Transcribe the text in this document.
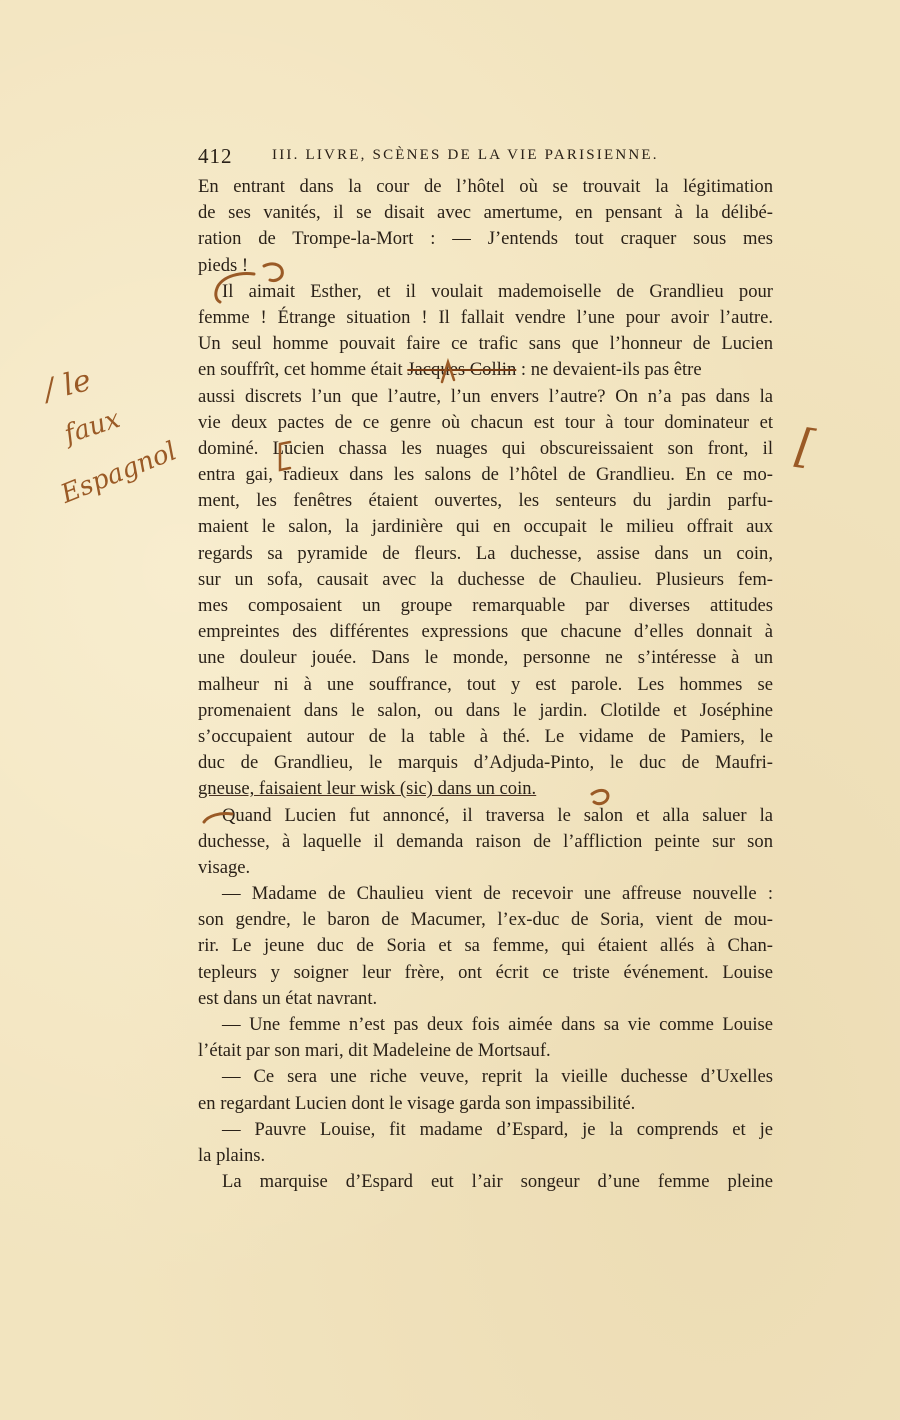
412	III. LIVRE, SCÈNES DE LA VIE PARISIENNE.
En entrant dans la cour de l’hôtel où se trouvait la légitimation
de ses vanités, il se disait avec amertume, en pensant à la délibé-
ration de Trompe-la-Mort : — J’entends tout craquer sous mes
pieds !
Il aimait Esther, et il voulait mademoiselle de Grandlieu pour
femme ! Étrange situation ! Il fallait vendre l’une pour avoir l’autre.
Un seul homme pouvait faire ce trafic sans que l’honneur de Lucien
en souffrît, cet homme était Jacques Collin : ne devaient-ils pas être
aussi discrets l’un que l’autre, l’un envers l’autre? On n’a pas dans la
vie deux pactes de ce genre où chacun est tour à tour dominateur et
dominé. Lucien chassa les nuages qui obscureissaient son front, il
entra gai, radieux dans les salons de l’hôtel de Grandlieu. En ce mo-
ment, les fenêtres étaient ouvertes, les senteurs du jardin parfu-
maient le salon, la jardinière qui en occupait le milieu offrait aux
regards sa pyramide de fleurs. La duchesse, assise dans un coin,
sur un sofa, causait avec la duchesse de Chaulieu. Plusieurs fem-
mes composaient un groupe remarquable par diverses attitudes
empreintes des différentes expressions que chacune d’elles donnait à
une douleur jouée. Dans le monde, personne ne s’intéresse à un
malheur ni à une souffrance, tout y est parole. Les hommes se
promenaient dans le salon, ou dans le jardin. Clotilde et Joséphine
s’occupaient autour de la table à thé. Le vidame de Pamiers, le
duc de Grandlieu, le marquis d’Adjuda-Pinto, le duc de Maufri-
gneuse, faisaient leur wisk (sic) dans un coin.
Quand Lucien fut annoncé, il traversa le salon et alla saluer la
duchesse, à laquelle il demanda raison de l’affliction peinte sur son
visage.
— Madame de Chaulieu vient de recevoir une affreuse nouvelle :
son gendre, le baron de Macumer, l’ex-duc de Soria, vient de mou-
rir. Le jeune duc de Soria et sa femme, qui étaient allés à Chan-
tepleurs y soigner leur frère, ont écrit ce triste événement. Louise
est dans un état navrant.
— Une femme n’est pas deux fois aimée dans sa vie comme Louise
l’était par son mari, dit Madeleine de Mortsauf.
— Ce sera une riche veuve, reprit la vieille duchesse d’Uxelles
en regardant Lucien dont le visage garda son impassibilité.
— Pauvre Louise, fit madame d’Espard, je la comprends et je
la plains.
La marquise d’Espard eut l’air songeur d’une femme pleine
/ le
faux
Espagnol	[
